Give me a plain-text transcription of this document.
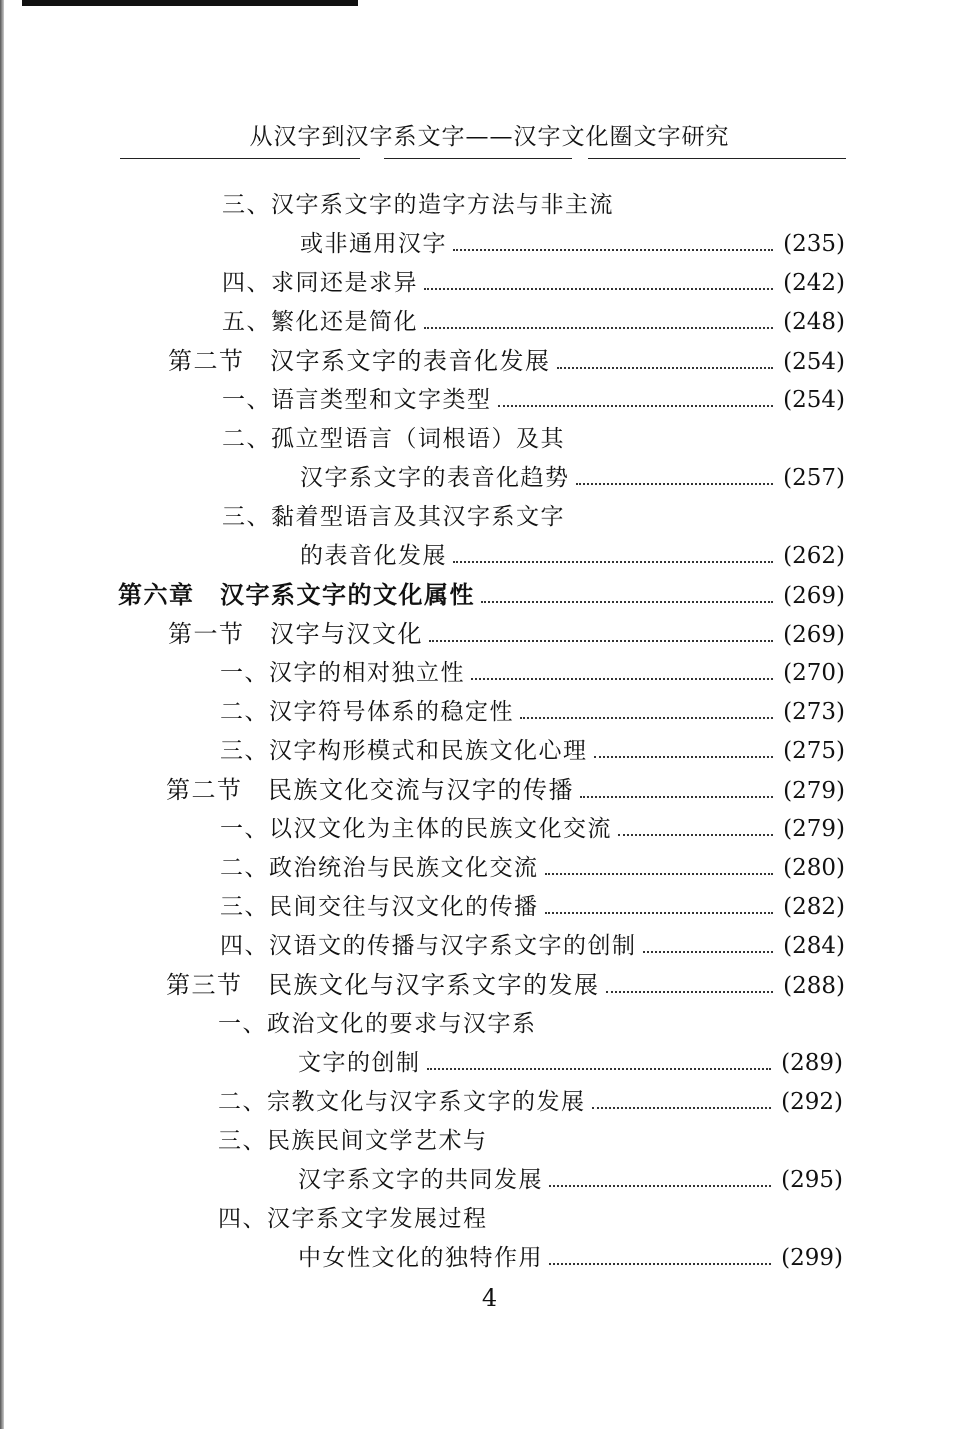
从汉字到汉字系文字——汉字文化圈文字研究
三、汉字系文字的造字方法与非主流
或非通用汉字	(235)
四、求同还是求异	(242)
五、繁化还是简化	(248)
第二节　汉字系文字的表音化发展	(254)
一、语言类型和文字类型	(254)
二、孤立型语言（词根语）及其
汉字系文字的表音化趋势	(257)
三、黏着型语言及其汉字系文字
的表音化发展	(262)
第六章　汉字系文字的文化属性	(269)
第一节　汉字与汉文化	(269)
一、汉字的相对独立性	(270)
二、汉字符号体系的稳定性	(273)
三、汉字构形模式和民族文化心理	(275)
第二节　民族文化交流与汉字的传播	(279)
一、以汉文化为主体的民族文化交流	(279)
二、政治统治与民族文化交流	(280)
三、民间交往与汉文化的传播	(282)
四、汉语文的传播与汉字系文字的创制	(284)
第三节　民族文化与汉字系文字的发展	(288)
一、政治文化的要求与汉字系
文字的创制	(289)
二、宗教文化与汉字系文字的发展	(292)
三、民族民间文学艺术与
汉字系文字的共同发展	(295)
四、汉字系文字发展过程
中女性文化的独特作用	(299)
4
